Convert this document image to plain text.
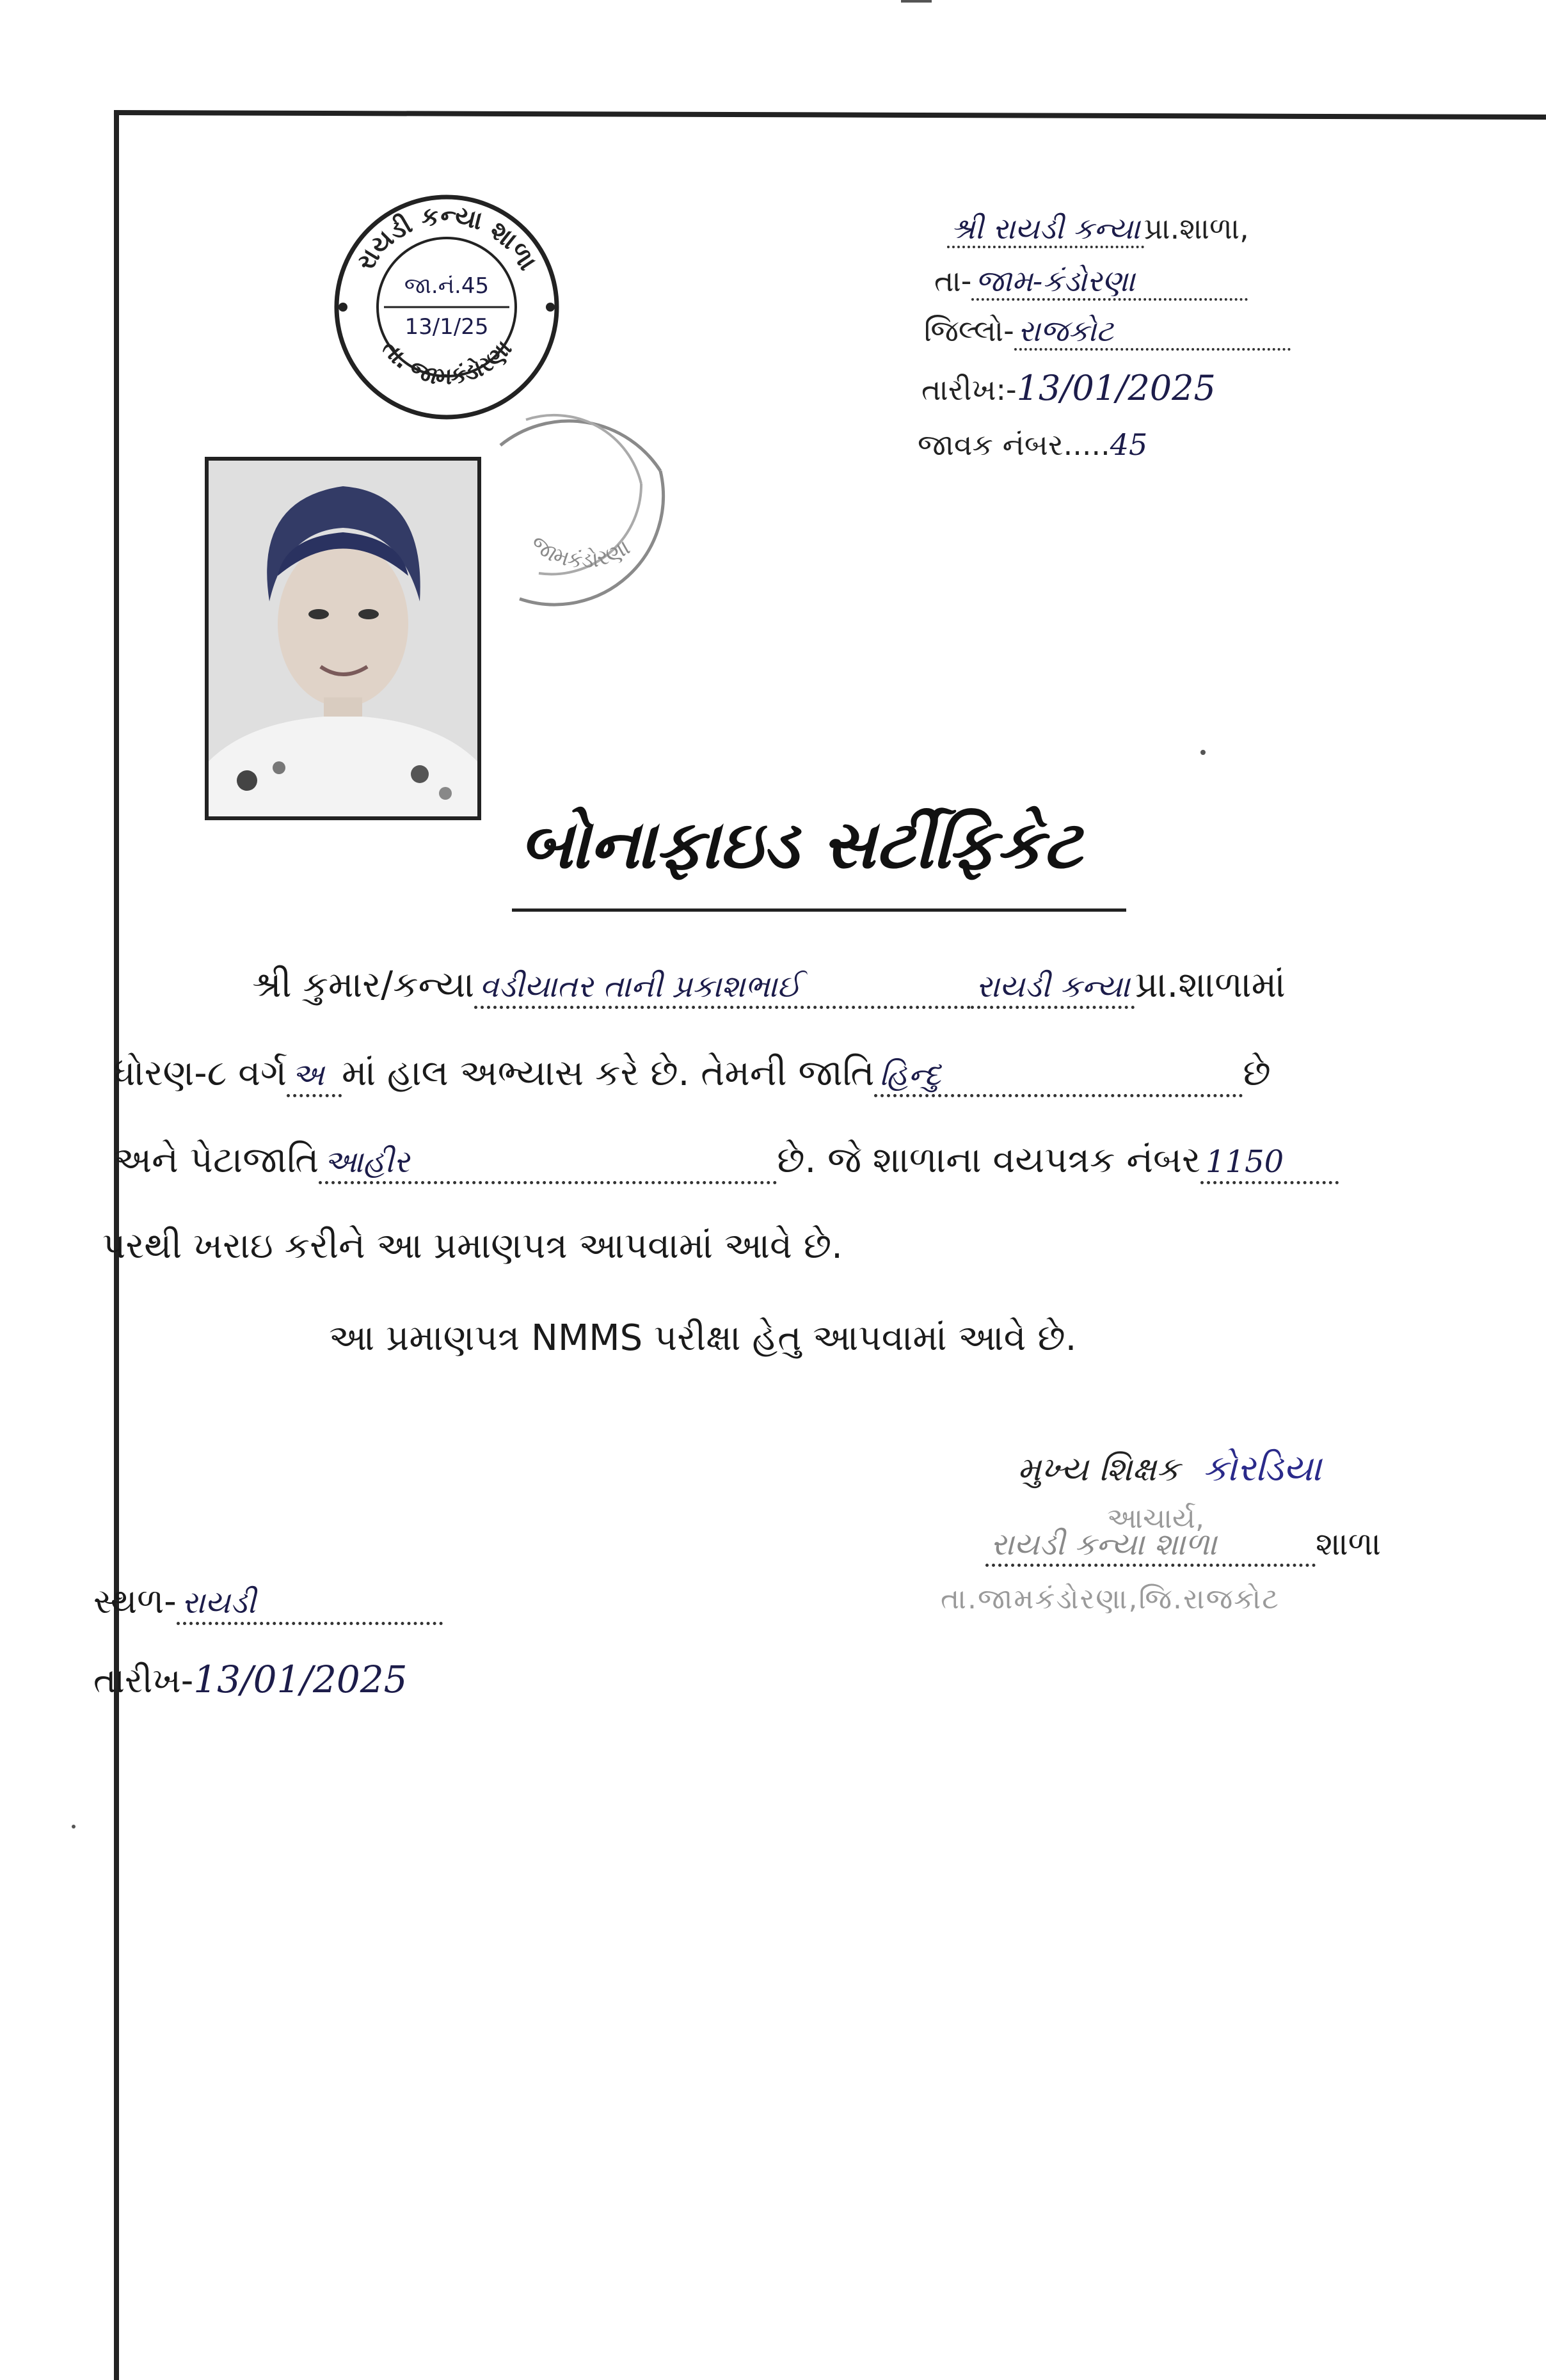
શ્રી રાયડી કન્યા પ્રા.શાળા,
તા- જામ-કંડોરણા
જિલ્લો- રાજકોટ
તારીખ:-13/01/2025
જાવક નંબર.....45
રાયડી કન્યા શાળા
તા. જામકંડોરણા
જા.નં.45
13/1/25
જામકંડોરણા
બોનાફાઇડ સર્ટીફિકેટ
શ્રી કુમાર/કન્યા વડીયાતર તાની પ્રકાશભાઈ	રાયડી કન્યા પ્રા.શાળામાં
ધોરણ-૮ વર્ગ અ માં હાલ અભ્યાસ કરે છે. તેમની જાતિ હિન્દુ	છે
અને પેટાજાતિ આહીર	છે. જે શાળાના વયપત્રક નંબર 1150
પરથી ખરાઇ કરીને આ પ્રમાણપત્ર આપવામાં આવે છે.
આ પ્રમાણપત્ર NMMS પરીક્ષા હેતુ આપવામાં આવે છે.
મુખ્ય શિક્ષક કોરડિયા
આચાર્ય,
રાયડી કન્યા શાળા	શાળા
તા.જામકંડોરણા,જિ.રાજકોટ
સ્થળ- રાયડી
તારીખ-13/01/2025
